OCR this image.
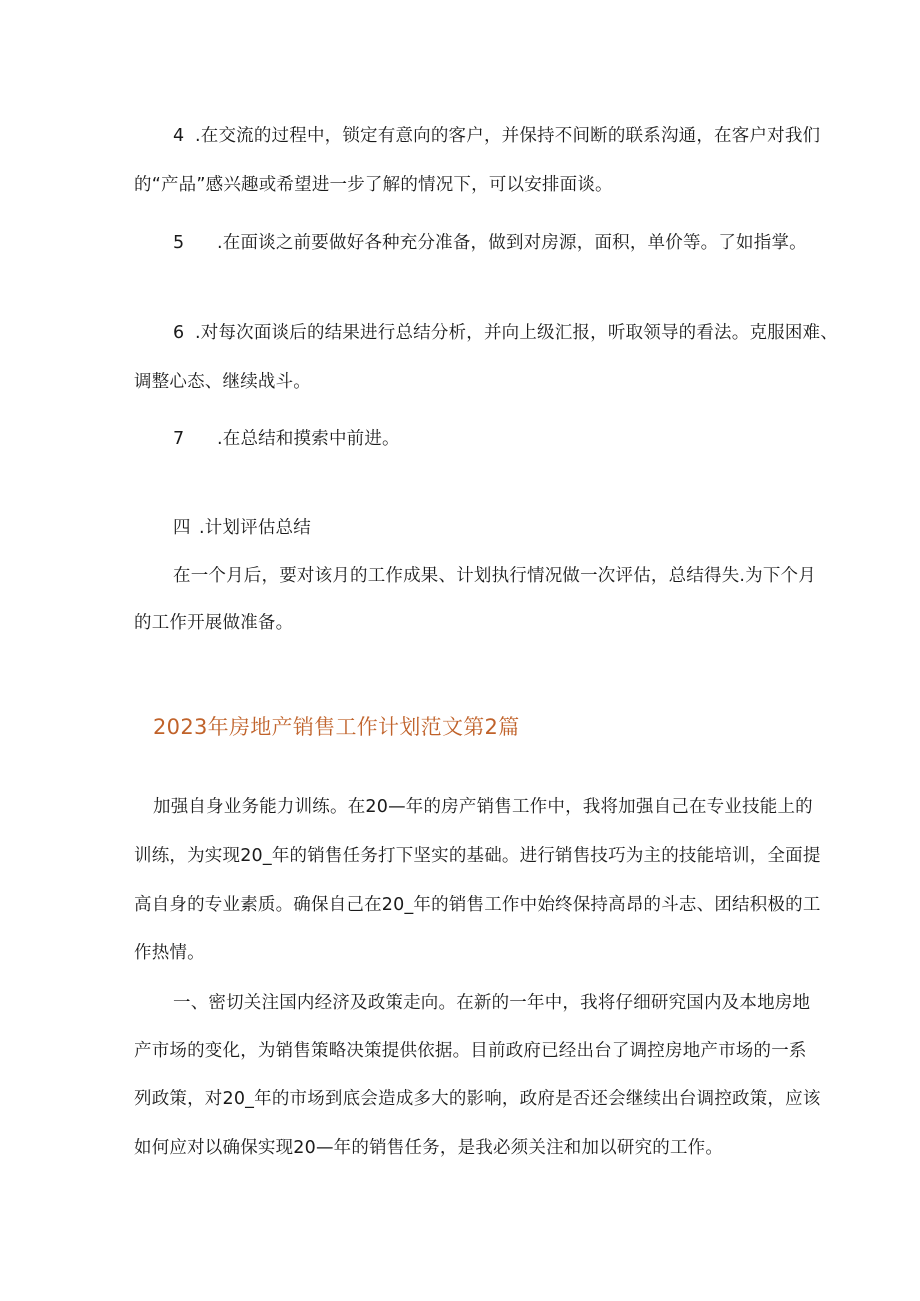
4 .在交流的过程中，锁定有意向的客户，并保持不间断的联系沟通，在客户对我们
的“产品”感兴趣或希望进一步了解的情况下，可以安排面谈。
5 .在面谈之前要做好各种充分准备，做到对房源，面积，单价等。了如指掌。
6 .对每次面谈后的结果进行总结分析，并向上级汇报，听取领导的看法。克服困难、
调整心态、继续战斗。
7 .在总结和摸索中前进。
四 .计划评估总结
在一个月后，要对该月的工作成果、计划执行情况做一次评估，总结得失.为下个月
的工作开展做准备。
2023年房地产销售工作计划范文第2篇
加强自身业务能力训练。在20—年的房产销售工作中，我将加强自己在专业技能上的
训练，为实现20_年的销售任务打下坚实的基础。进行销售技巧为主的技能培训，全面提
高自身的专业素质。确保自己在20_年的销售工作中始终保持高昂的斗志、团结积极的工
作热情。
一、密切关注国内经济及政策走向。在新的一年中，我将仔细研究国内及本地房地
产市场的变化，为销售策略决策提供依据。目前政府已经出台了调控房地产市场的一系
列政策，对20_年的市场到底会造成多大的影响，政府是否还会继续出台调控政策，应该
如何应对以确保实现20—年的销售任务，是我必须关注和加以研究的工作。
